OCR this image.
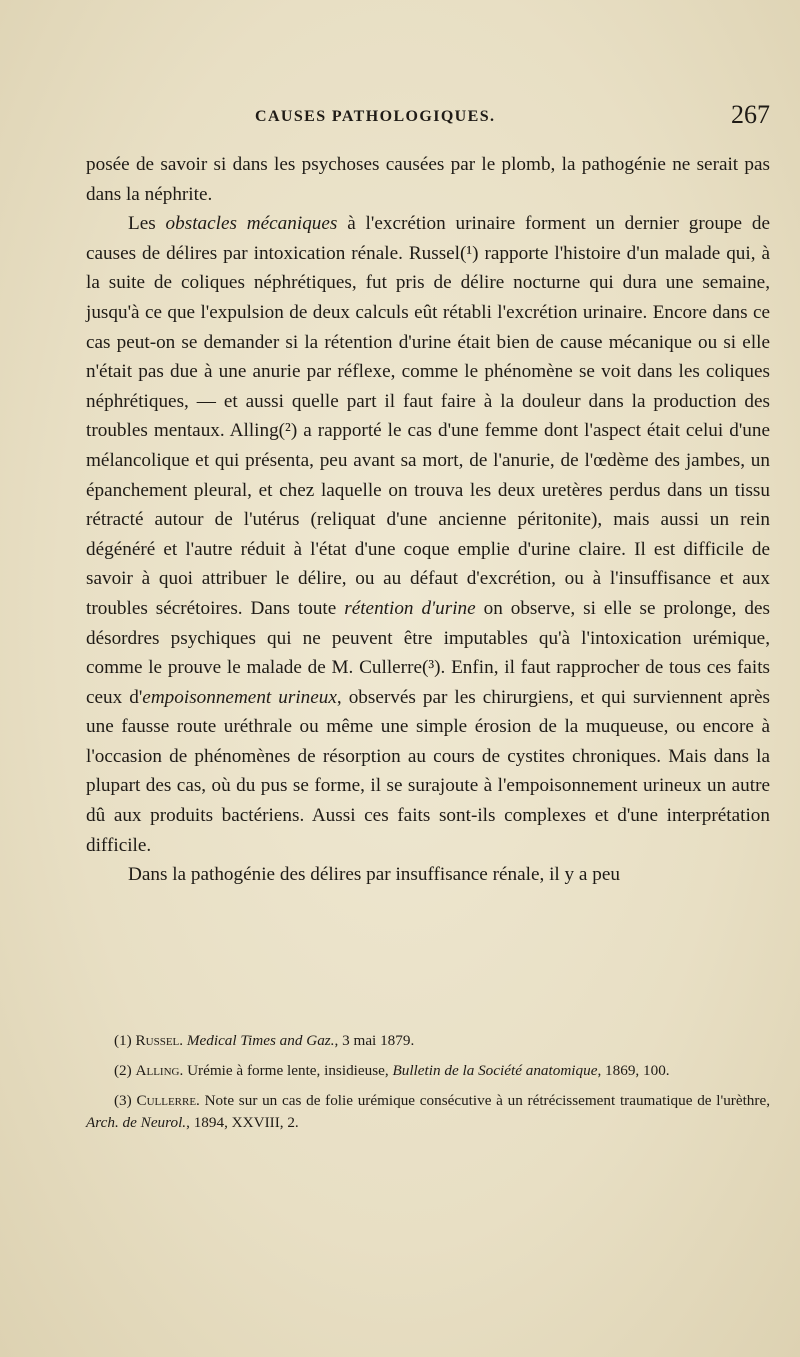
CAUSES PATHOLOGIQUES.	267

posée de savoir si dans les psychoses causées par le plomb, la pathogénie ne serait pas dans la néphrite.

Les obstacles mécaniques à l'excrétion urinaire forment un dernier groupe de causes de délires par intoxication rénale. Russel(¹) rapporte l'histoire d'un malade qui, à la suite de coliques néphrétiques, fut pris de délire nocturne qui dura une semaine, jusqu'à ce que l'expulsion de deux calculs eût rétabli l'excrétion urinaire. Encore dans ce cas peut-on se demander si la rétention d'urine était bien de cause mécanique ou si elle n'était pas due à une anurie par réflexe, comme le phénomène se voit dans les coliques néphrétiques, — et aussi quelle part il faut faire à la douleur dans la production des troubles mentaux. Alling(²) a rapporté le cas d'une femme dont l'aspect était celui d'une mélancolique et qui présenta, peu avant sa mort, de l'anurie, de l'œdème des jambes, un épanchement pleural, et chez laquelle on trouva les deux uretères perdus dans un tissu rétracté autour de l'utérus (reliquat d'une ancienne péritonite), mais aussi un rein dégénéré et l'autre réduit à l'état d'une coque emplie d'urine claire. Il est difficile de savoir à quoi attribuer le délire, ou au défaut d'excrétion, ou à l'insuffisance et aux troubles sécrétoires. Dans toute rétention d'urine on observe, si elle se prolonge, des désordres psychiques qui ne peuvent être imputables qu'à l'intoxication urémique, comme le prouve le malade de M. Cullerre(³). Enfin, il faut rapprocher de tous ces faits ceux d'empoisonnement urineux, observés par les chirurgiens, et qui surviennent après une fausse route uréthrale ou même une simple érosion de la muqueuse, ou encore à l'occasion de phénomènes de résorption au cours de cystites chroniques. Mais dans la plupart des cas, où du pus se forme, il se surajoute à l'empoisonnement urineux un autre dû aux produits bactériens. Aussi ces faits sont-ils complexes et d'une interprétation difficile.

Dans la pathogénie des délires par insuffisance rénale, il y a peu

(1) Russel. Medical Times and Gaz., 3 mai 1879.

(2) Alling. Urémie à forme lente, insidieuse, Bulletin de la Société anatomique, 1869, 100.

(3) Cullerre. Note sur un cas de folie urémique consécutive à un rétrécissement traumatique de l'urèthre, Arch. de Neurol., 1894, XXVIII, 2.
